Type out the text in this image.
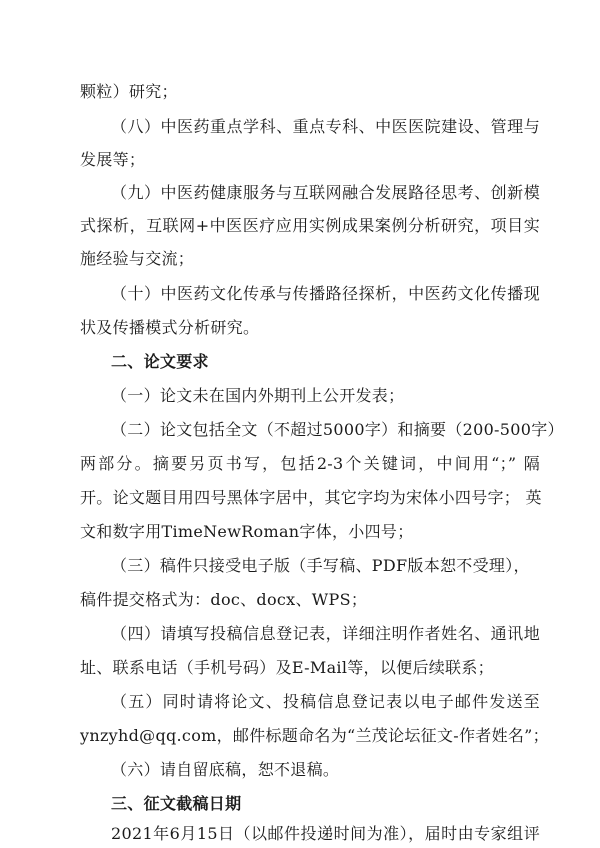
颗粒）研究；
（八）中医药重点学科、重点专科、中医医院建设、管理与
发展等；
（九）中医药健康服务与互联网融合发展路径思考、创新模
式探析，互联网+中医医疗应用实例成果案例分析研究，项目实
施经验与交流；
（十）中医药文化传承与传播路径探析，中医药文化传播现
状及传播模式分析研究。
二、论文要求
（一）论文未在国内外期刊上公开发表；
（二）论文包括全文（不超过5000字）和摘要（200-500字）
两部分。摘要另页书写，包括2-3个关键词，中间用“；” 隔
开。论文题目用四号黑体字居中，其它字均为宋体小四号字； 英
文和数字用TimeNewRoman字体，小四号；
（三）稿件只接受电子版（手写稿、PDF版本恕不受理），
稿件提交格式为：doc、docx、WPS；
（四）请填写投稿信息登记表，详细注明作者姓名、通讯地
址、联系电话（手机号码）及E-Mail等，以便后续联系；
（五）同时请将论文、投稿信息登记表以电子邮件发送至
ynzyhd@qq.com，邮件标题命名为“兰茂论坛征文-作者姓名”；
（六）请自留底稿，恕不退稿。
三、征文截稿日期
2021年6月15日（以邮件投递时间为准），届时由专家组评
